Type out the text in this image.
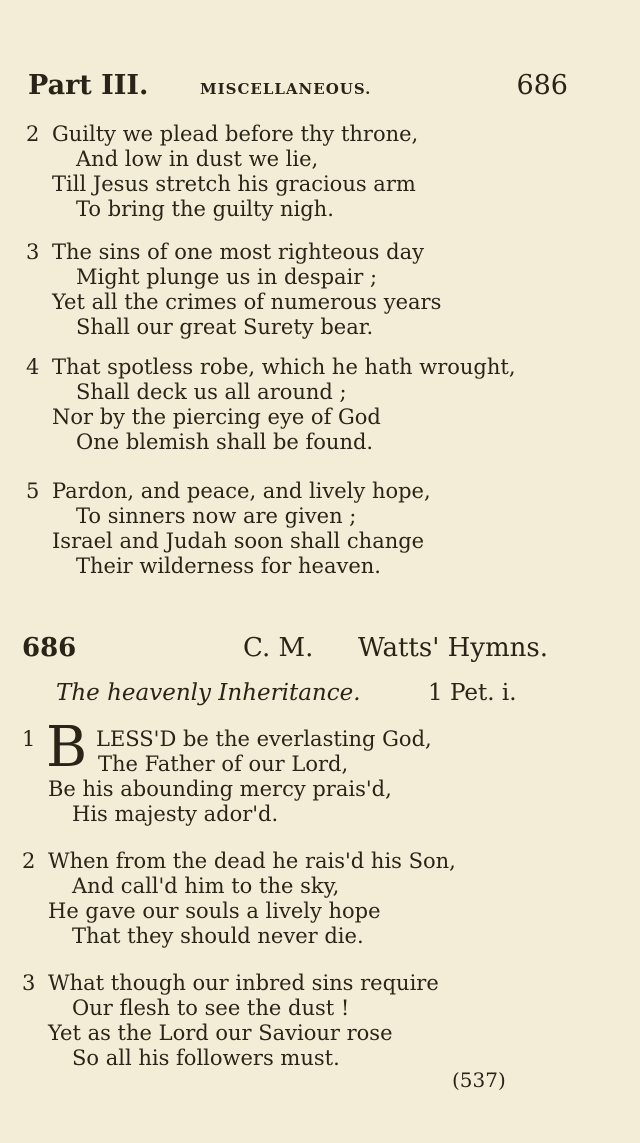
Part III.	MISCELLANEOUS.	686
2 Guilty we plead before thy throne,
And low in dust we lie,
Till Jesus stretch his gracious arm
To bring the guilty nigh.
3 The sins of one most righteous day
Might plunge us in despair ;
Yet all the crimes of numerous years
Shall our great Surety bear.
4 That spotless robe, which he hath wrought,
Shall deck us all around ;
Nor by the piercing eye of God
One blemish shall be found.
5 Pardon, and peace, and lively hope,
To sinners now are given ;
Israel and Judah soon shall change
Their wilderness for heaven.
686	C. M. Watts' Hymns.
The heavenly Inheritance.	1 Pet. i.
1 B LESS'D be the everlasting God,
The Father of our Lord,
Be his abounding mercy prais'd,
His majesty ador'd.
2 When from the dead he rais'd his Son,
And call'd him to the sky,
He gave our souls a lively hope
That they should never die.
3 What though our inbred sins require
Our flesh to see the dust !
Yet as the Lord our Saviour rose
So all his followers must.
(537)
